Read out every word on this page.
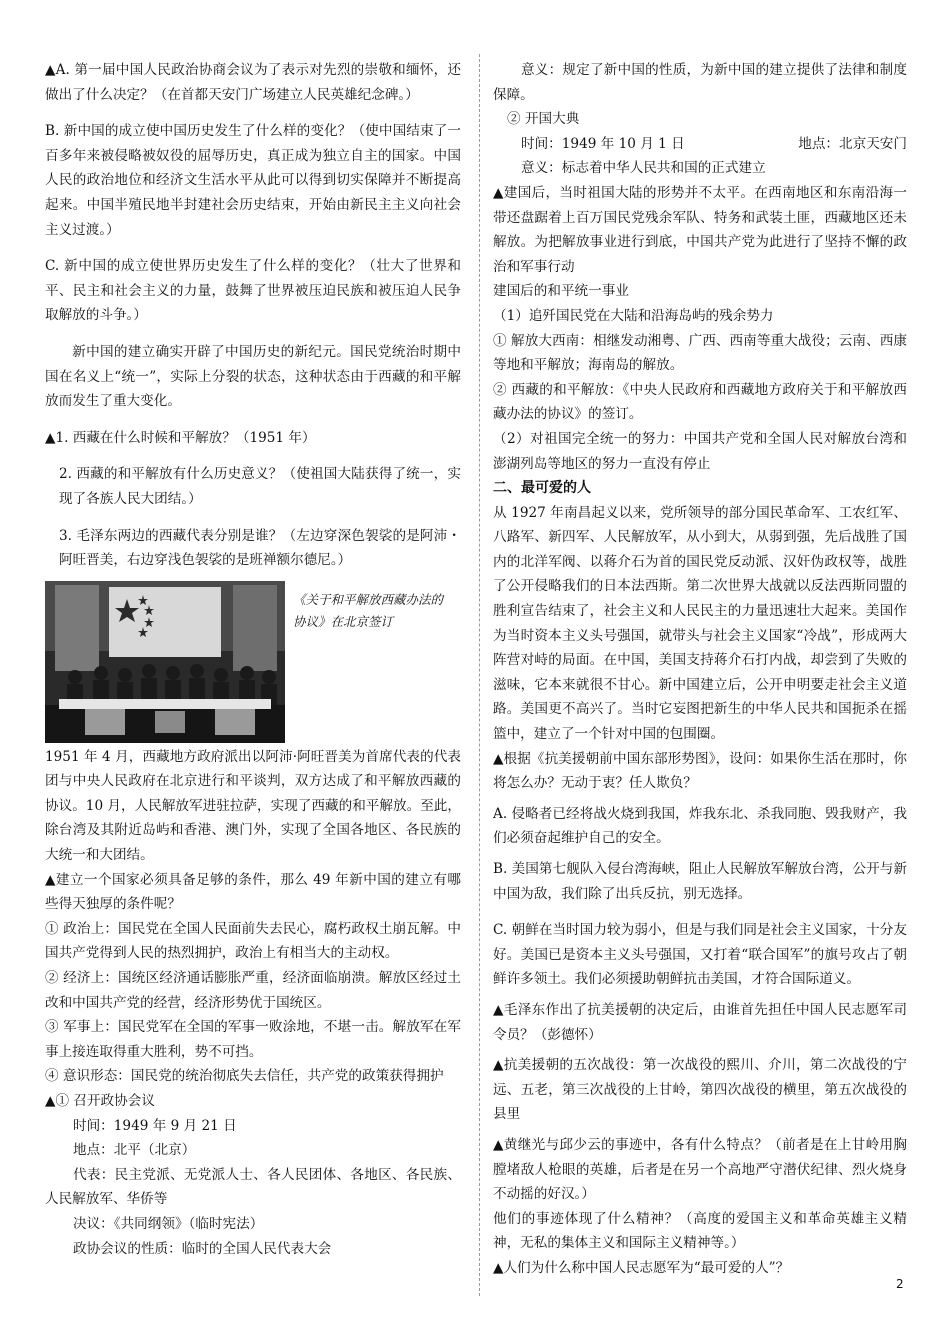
▲A. 第一届中国人民政治协商会议为了表示对先烈的崇敬和缅怀，还做出了什么决定？（在首都天安门广场建立人民英雄纪念碑。）

B. 新中国的成立使中国历史发生了什么样的变化？（使中国结束了一百多年来被侵略被奴役的屈辱历史，真正成为独立自主的国家。中国人民的政治地位和经济文生活水平从此可以得到切实保障并不断提高起来。中国半殖民地半封建社会历史结束，开始由新民主主义向社会主义过渡。）

C. 新中国的成立使世界历史发生了什么样的变化？（壮大了世界和平、民主和社会主义的力量，鼓舞了世界被压迫民族和被压迫人民争取解放的斗争。）

新中国的建立确实开辟了中国历史的新纪元。国民党统治时期中国在名义上“统一”，实际上分裂的状态，这种状态由于西藏的和平解放而发生了重大变化。

▲1. 西藏在什么时候和平解放？（1951 年）

2. 西藏的和平解放有什么历史意义？（使祖国大陆获得了统一，实现了各族人民大团结。）

3. 毛泽东两边的西藏代表分别是谁？（左边穿深色袈裟的是阿沛・阿旺晋美，右边穿浅色袈裟的是班禅额尔德尼。）

《关于和平解放西藏办法的协议》在北京签订

1951 年 4 月，西藏地方政府派出以阿沛·阿旺晋美为首席代表的代表团与中央人民政府在北京进行和平谈判，双方达成了和平解放西藏的协议。10 月，人民解放军进驻拉萨，实现了西藏的和平解放。至此，除台湾及其附近岛屿和香港、澳门外，实现了全国各地区、各民族的大统一和大团结。

▲建立一个国家必须具备足够的条件，那么 49 年新中国的建立有哪些得天独厚的条件呢？

① 政治上：国民党在全国人民面前失去民心，腐朽政权土崩瓦解。中国共产党得到人民的热烈拥护，政治上有相当大的主动权。

② 经济上：国统区经济通话膨胀严重，经济面临崩溃。解放区经过土改和中国共产党的经营，经济形势优于国统区。

③ 军事上：国民党军在全国的军事一败涂地，不堪一击。解放军在军事上接连取得重大胜利，势不可挡。

④ 意识形态：国民党的统治彻底失去信任，共产党的政策获得拥护

▲① 召开政协会议

时间：1949 年 9 月 21 日

地点：北平（北京）

代表：民主党派、无党派人士、各人民团体、各地区、各民族、人民解放军、华侨等

决议：《共同纲领》（临时宪法）

政协会议的性质：临时的全国人民代表大会

意义：规定了新中国的性质，为新中国的建立提供了法律和制度保障。

② 开国大典

时间：1949 年 10 月 1 日	地点：北京天安门

意义：标志着中华人民共和国的正式建立

▲建国后，当时祖国大陆的形势并不太平。在西南地区和东南沿海一带还盘踞着上百万国民党残余军队、特务和武装土匪，西藏地区还未解放。为把解放事业进行到底，中国共产党为此进行了坚持不懈的政治和军事行动

建国后的和平统一事业

（1）追歼国民党在大陆和沿海岛屿的残余势力

① 解放大西南：相继发动湘粤、广西、西南等重大战役；云南、西康等地和平解放；海南岛的解放。

② 西藏的和平解放：《中央人民政府和西藏地方政府关于和平解放西藏办法的协议》的签订。

（2）对祖国完全统一的努力：中国共产党和全国人民对解放台湾和澎湖列岛等地区的努力一直没有停止

二、最可爱的人

从 1927 年南昌起义以来，党所领导的部分国民革命军、工农红军、八路军、新四军、人民解放军，从小到大，从弱到强，先后战胜了国内的北洋军阀、以蒋介石为首的国民党反动派、汉奸伪政权等，战胜了公开侵略我们的日本法西斯。第二次世界大战就以反法西斯同盟的胜利宣告结束了，社会主义和人民民主的力量迅速壮大起来。美国作为当时资本主义头号强国，就带头与社会主义国家“冷战”，形成两大阵营对峙的局面。在中国，美国支持蒋介石打内战，却尝到了失败的滋味，它本来就很不甘心。新中国建立后，公开申明要走社会主义道路。美国更不高兴了。当时它妄图把新生的中华人民共和国扼杀在摇篮中，建立了一个针对中国的包围圈。

▲根据《抗美援朝前中国东部形势图》，设问：如果你生活在那时，你将怎么办？无动于衷？任人欺负？

A. 侵略者已经将战火烧到我国，炸我东北、杀我同胞、毁我财产，我们必须奋起维护自己的安全。

B. 美国第七舰队入侵台湾海峡，阻止人民解放军解放台湾，公开与新中国为敌，我们除了出兵反抗，别无选择。

C. 朝鲜在当时国力较为弱小，但是与我们同是社会主义国家，十分友好。美国已是资本主义头号强国，又打着“联合国军”的旗号攻占了朝鲜许多领土。我们必须援助朝鲜抗击美国，才符合国际道义。

▲毛泽东作出了抗美援朝的决定后，由谁首先担任中国人民志愿军司令员？（彭德怀）

▲抗美援朝的五次战役：第一次战役的熙川、介川，第二次战役的宁远、五老，第三次战役的上甘岭，第四次战役的横里，第五次战役的县里

▲黄继光与邱少云的事迹中，各有什么特点？（前者是在上甘岭用胸膛堵敌人枪眼的英雄，后者是在另一个高地严守潜伏纪律、烈火烧身不动摇的好汉。）

他们的事迹体现了什么精神？（高度的爱国主义和革命英雄主义精神，无私的集体主义和国际主义精神等。）

▲人们为什么称中国人民志愿军为“最可爱的人”？

2
